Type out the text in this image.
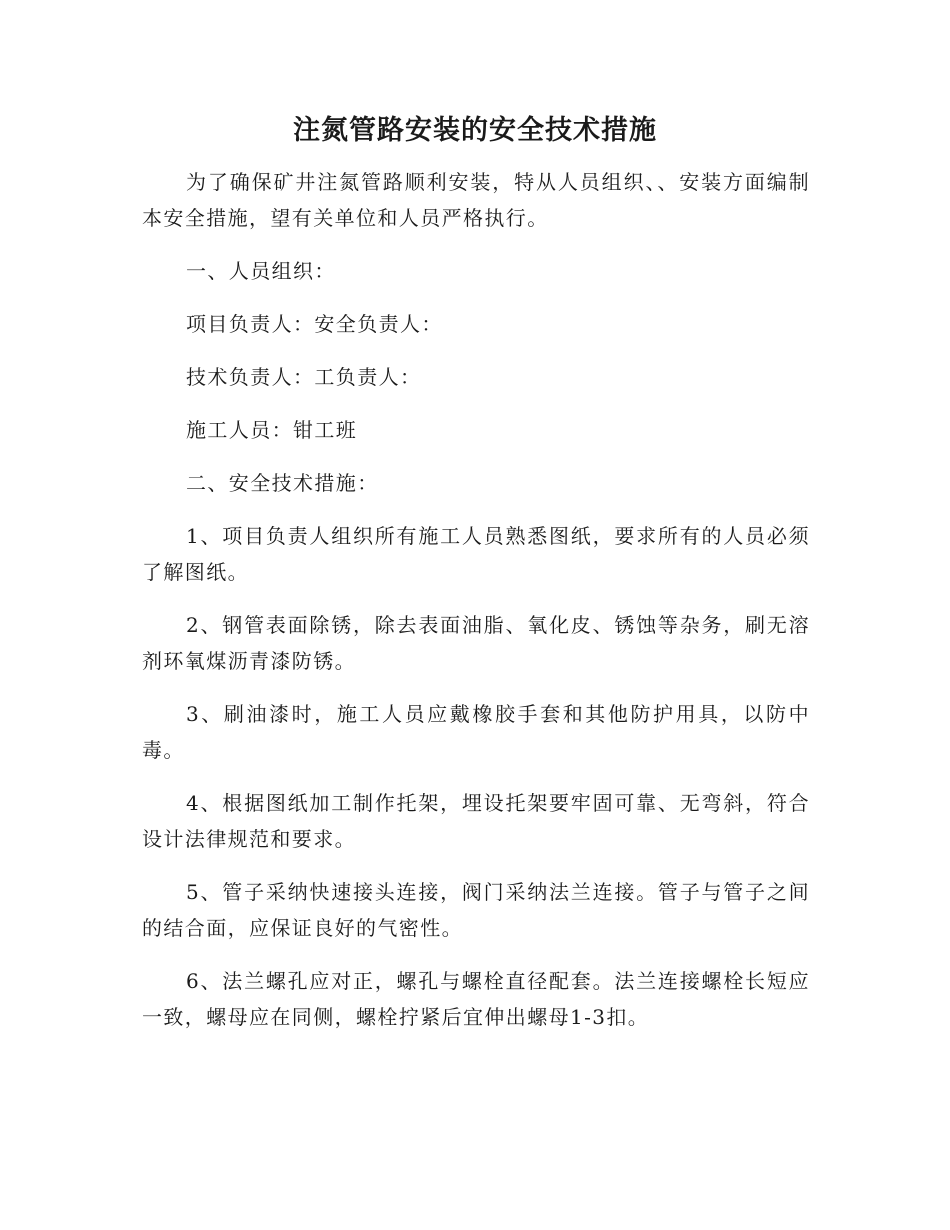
注氮管路安装的安全技术措施

为了确保矿井注氮管路顺利安装，特从人员组织、、安装方面编制本安全措施，望有关单位和人员严格执行。

一、人员组织：

项目负责人：安全负责人：

技术负责人：工负责人：

施工人员：钳工班

二、安全技术措施：

1、项目负责人组织所有施工人员熟悉图纸，要求所有的人员必须了解图纸。

2、钢管表面除锈，除去表面油脂、氧化皮、锈蚀等杂务，刷无溶剂环氧煤沥青漆防锈。

3、刷油漆时，施工人员应戴橡胶手套和其他防护用具，以防中毒。

4、根据图纸加工制作托架，埋设托架要牢固可靠、无弯斜，符合设计法律规范和要求。

5、管子采纳快速接头连接，阀门采纳法兰连接。管子与管子之间的结合面，应保证良好的气密性。

6、法兰螺孔应对正，螺孔与螺栓直径配套。法兰连接螺栓长短应一致，螺母应在同侧，螺栓拧紧后宜伸出螺母1-3扣。
